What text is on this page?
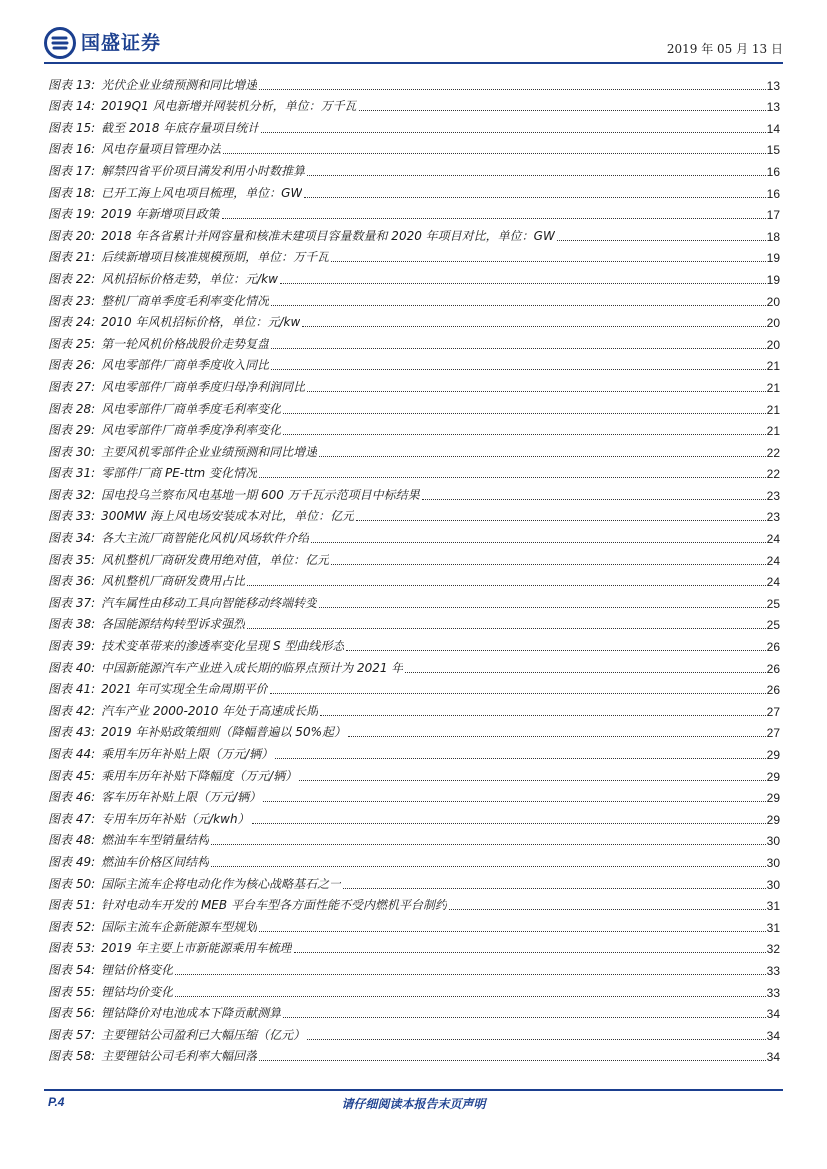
国盛证券	2019 年 05 月 13 日
图表 13: 光伏企业业绩预测和同比增速	13
图表 14: 2019Q1 风电新增并网装机分析，单位：万千瓦	13
图表 15: 截至 2018 年底存量项目统计	14
图表 16: 风电存量项目管理办法	15
图表 17: 解禁四省平价项目满发利用小时数推算	16
图表 18: 已开工海上风电项目梳理，单位：GW	16
图表 19: 2019 年新增项目政策	17
图表 20: 2018 年各省累计并网容量和核准未建项目容量数量和 2020 年项目对比，单位：GW	18
图表 21: 后续新增项目核准规模预期，单位：万千瓦	19
图表 22: 风机招标价格走势，单位：元/kw	19
图表 23: 整机厂商单季度毛利率变化情况	20
图表 24: 2010 年风机招标价格，单位：元/kw	20
图表 25: 第一轮风机价格战股价走势复盘	20
图表 26: 风电零部件厂商单季度收入同比	21
图表 27: 风电零部件厂商单季度归母净利润同比	21
图表 28: 风电零部件厂商单季度毛利率变化	21
图表 29: 风电零部件厂商单季度净利率变化	21
图表 30: 主要风机零部件企业业绩预测和同比增速	22
图表 31: 零部件厂商 PE-ttm 变化情况	22
图表 32: 国电投乌兰察布风电基地一期 600 万千瓦示范项目中标结果	23
图表 33: 300MW 海上风电场安装成本对比，单位：亿元	23
图表 34: 各大主流厂商智能化风机/风场软件介绍	24
图表 35: 风机整机厂商研发费用绝对值，单位：亿元	24
图表 36: 风机整机厂商研发费用占比	24
图表 37: 汽车属性由移动工具向智能移动终端转变	25
图表 38: 各国能源结构转型诉求强烈	25
图表 39: 技术变革带来的渗透率变化呈现 S 型曲线形态	26
图表 40: 中国新能源汽车产业进入成长期的临界点预计为 2021 年	26
图表 41: 2021 年可实现全生命周期平价	26
图表 42: 汽车产业 2000-2010 年处于高速成长期	27
图表 43: 2019 年补贴政策细则（降幅普遍以 50%起）	27
图表 44: 乘用车历年补贴上限（万元/辆）	29
图表 45: 乘用车历年补贴下降幅度（万元/辆）	29
图表 46: 客车历年补贴上限（万元/辆）	29
图表 47: 专用车历年补贴（元/kwh）	29
图表 48: 燃油车车型销量结构	30
图表 49: 燃油车价格区间结构	30
图表 50: 国际主流车企将电动化作为核心战略基石之一	30
图表 51: 针对电动车开发的 MEB 平台车型各方面性能不受内燃机平台制约	31
图表 52: 国际主流车企新能源车型规划	31
图表 53: 2019 年主要上市新能源乘用车梳理	32
图表 54: 锂钴价格变化	33
图表 55: 锂钴均价变化	33
图表 56: 锂钴降价对电池成本下降贡献测算	34
图表 57: 主要锂钴公司盈利已大幅压缩（亿元）	34
图表 58: 主要锂钴公司毛利率大幅回落	34
P.4	请仔细阅读本报告末页声明
